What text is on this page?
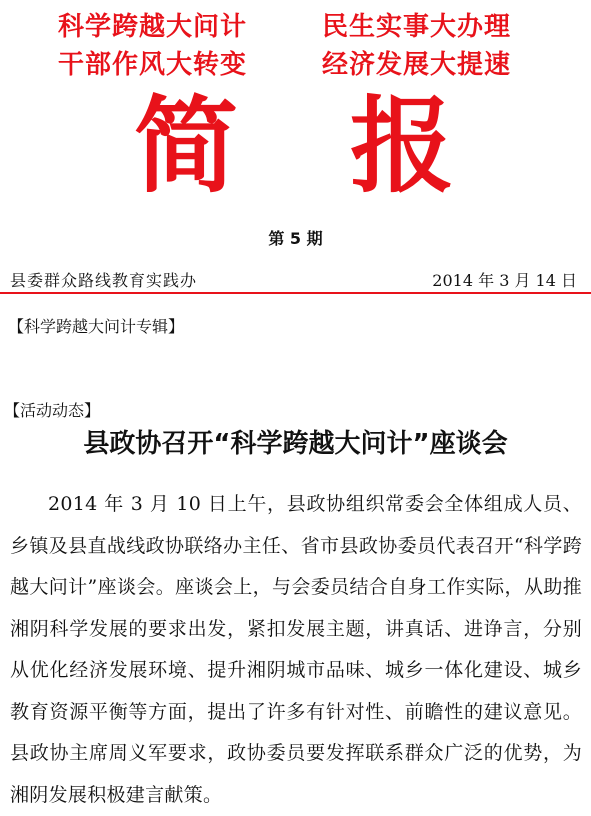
科学跨越大问计	民生实事大办理
干部作风大转变	经济发展大提速
简 报
第 5 期
县委群众路线教育实践办	2014 年 3 月 14 日
【科学跨越大问计专辑】
【活动动态】
县政协召开“科学跨越大问计”座谈会
2014 年 3 月 10 日上午，县政协组织常委会全体组成人员、乡镇及县直战线政协联络办主任、省市县政协委员代表召开“科学跨越大问计”座谈会。座谈会上，与会委员结合自身工作实际，从助推湘阴科学发展的要求出发，紧扣发展主题，讲真话、进诤言，分别从优化经济发展环境、提升湘阴城市品味、城乡一体化建设、城乡教育资源平衡等方面，提出了许多有针对性、前瞻性的建议意见。县政协主席周义军要求，政协委员要发挥联系群众广泛的优势，为湘阴发展积极建言献策。
